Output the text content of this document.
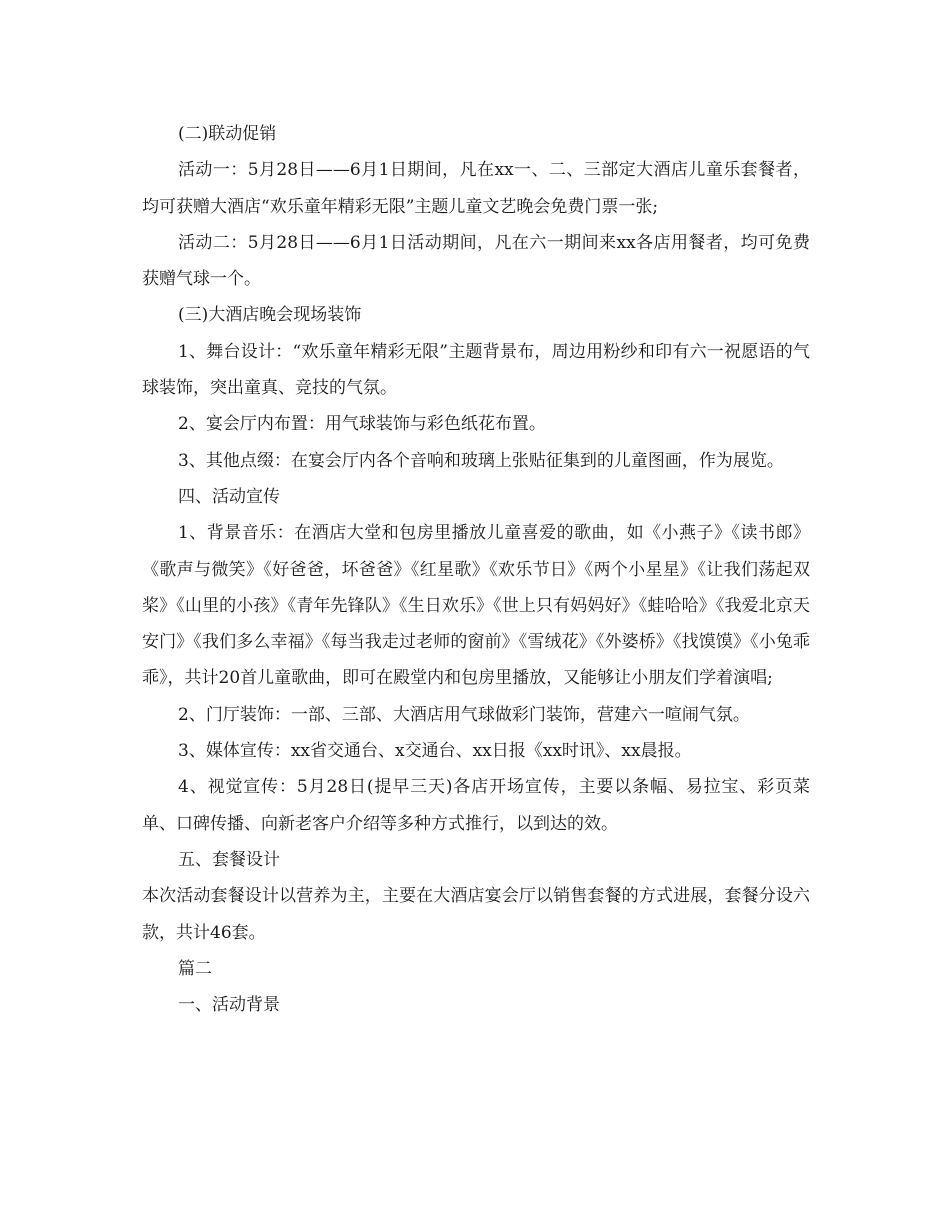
(二)联动促销

活动一：5月28日——6月1日期间，凡在xx一、二、三部定大酒店儿童乐套餐者，均可获赠大酒店“欢乐童年精彩无限”主题儿童文艺晚会免费门票一张;

活动二：5月28日——6月1日活动期间，凡在六一期间来xx各店用餐者，均可免费获赠气球一个。

(三)大酒店晚会现场装饰

1、舞台设计：“欢乐童年精彩无限”主题背景布，周边用粉纱和印有六一祝愿语的气球装饰，突出童真、竞技的气氛。

2、宴会厅内布置：用气球装饰与彩色纸花布置。

3、其他点缀：在宴会厅内各个音响和玻璃上张贴征集到的儿童图画，作为展览。

四、活动宣传

1、背景音乐：在酒店大堂和包房里播放儿童喜爱的歌曲，如《小燕子》《读书郎》《歌声与微笑》《好爸爸，坏爸爸》《红星歌》《欢乐节日》《两个小星星》《让我们荡起双桨》《山里的小孩》《青年先锋队》《生日欢乐》《世上只有妈妈好》《蛙哈哈》《我爱北京天安门》《我们多么幸福》《每当我走过老师的窗前》《雪绒花》《外婆桥》《找馍馍》《小兔乖乖》，共计20首儿童歌曲，即可在殿堂内和包房里播放，又能够让小朋友们学着演唱;

2、门厅装饰：一部、三部、大酒店用气球做彩门装饰，营建六一喧闹气氛。

3、媒体宣传：xx省交通台、x交通台、xx日报《xx时讯》、xx晨报。

4、视觉宣传：5月28日(提早三天)各店开场宣传，主要以条幅、易拉宝、彩页菜单、口碑传播、向新老客户介绍等多种方式推行，以到达的效。

五、套餐设计

本次活动套餐设计以营养为主，主要在大酒店宴会厅以销售套餐的方式进展，套餐分设六款，共计46套。

篇二

一、活动背景
